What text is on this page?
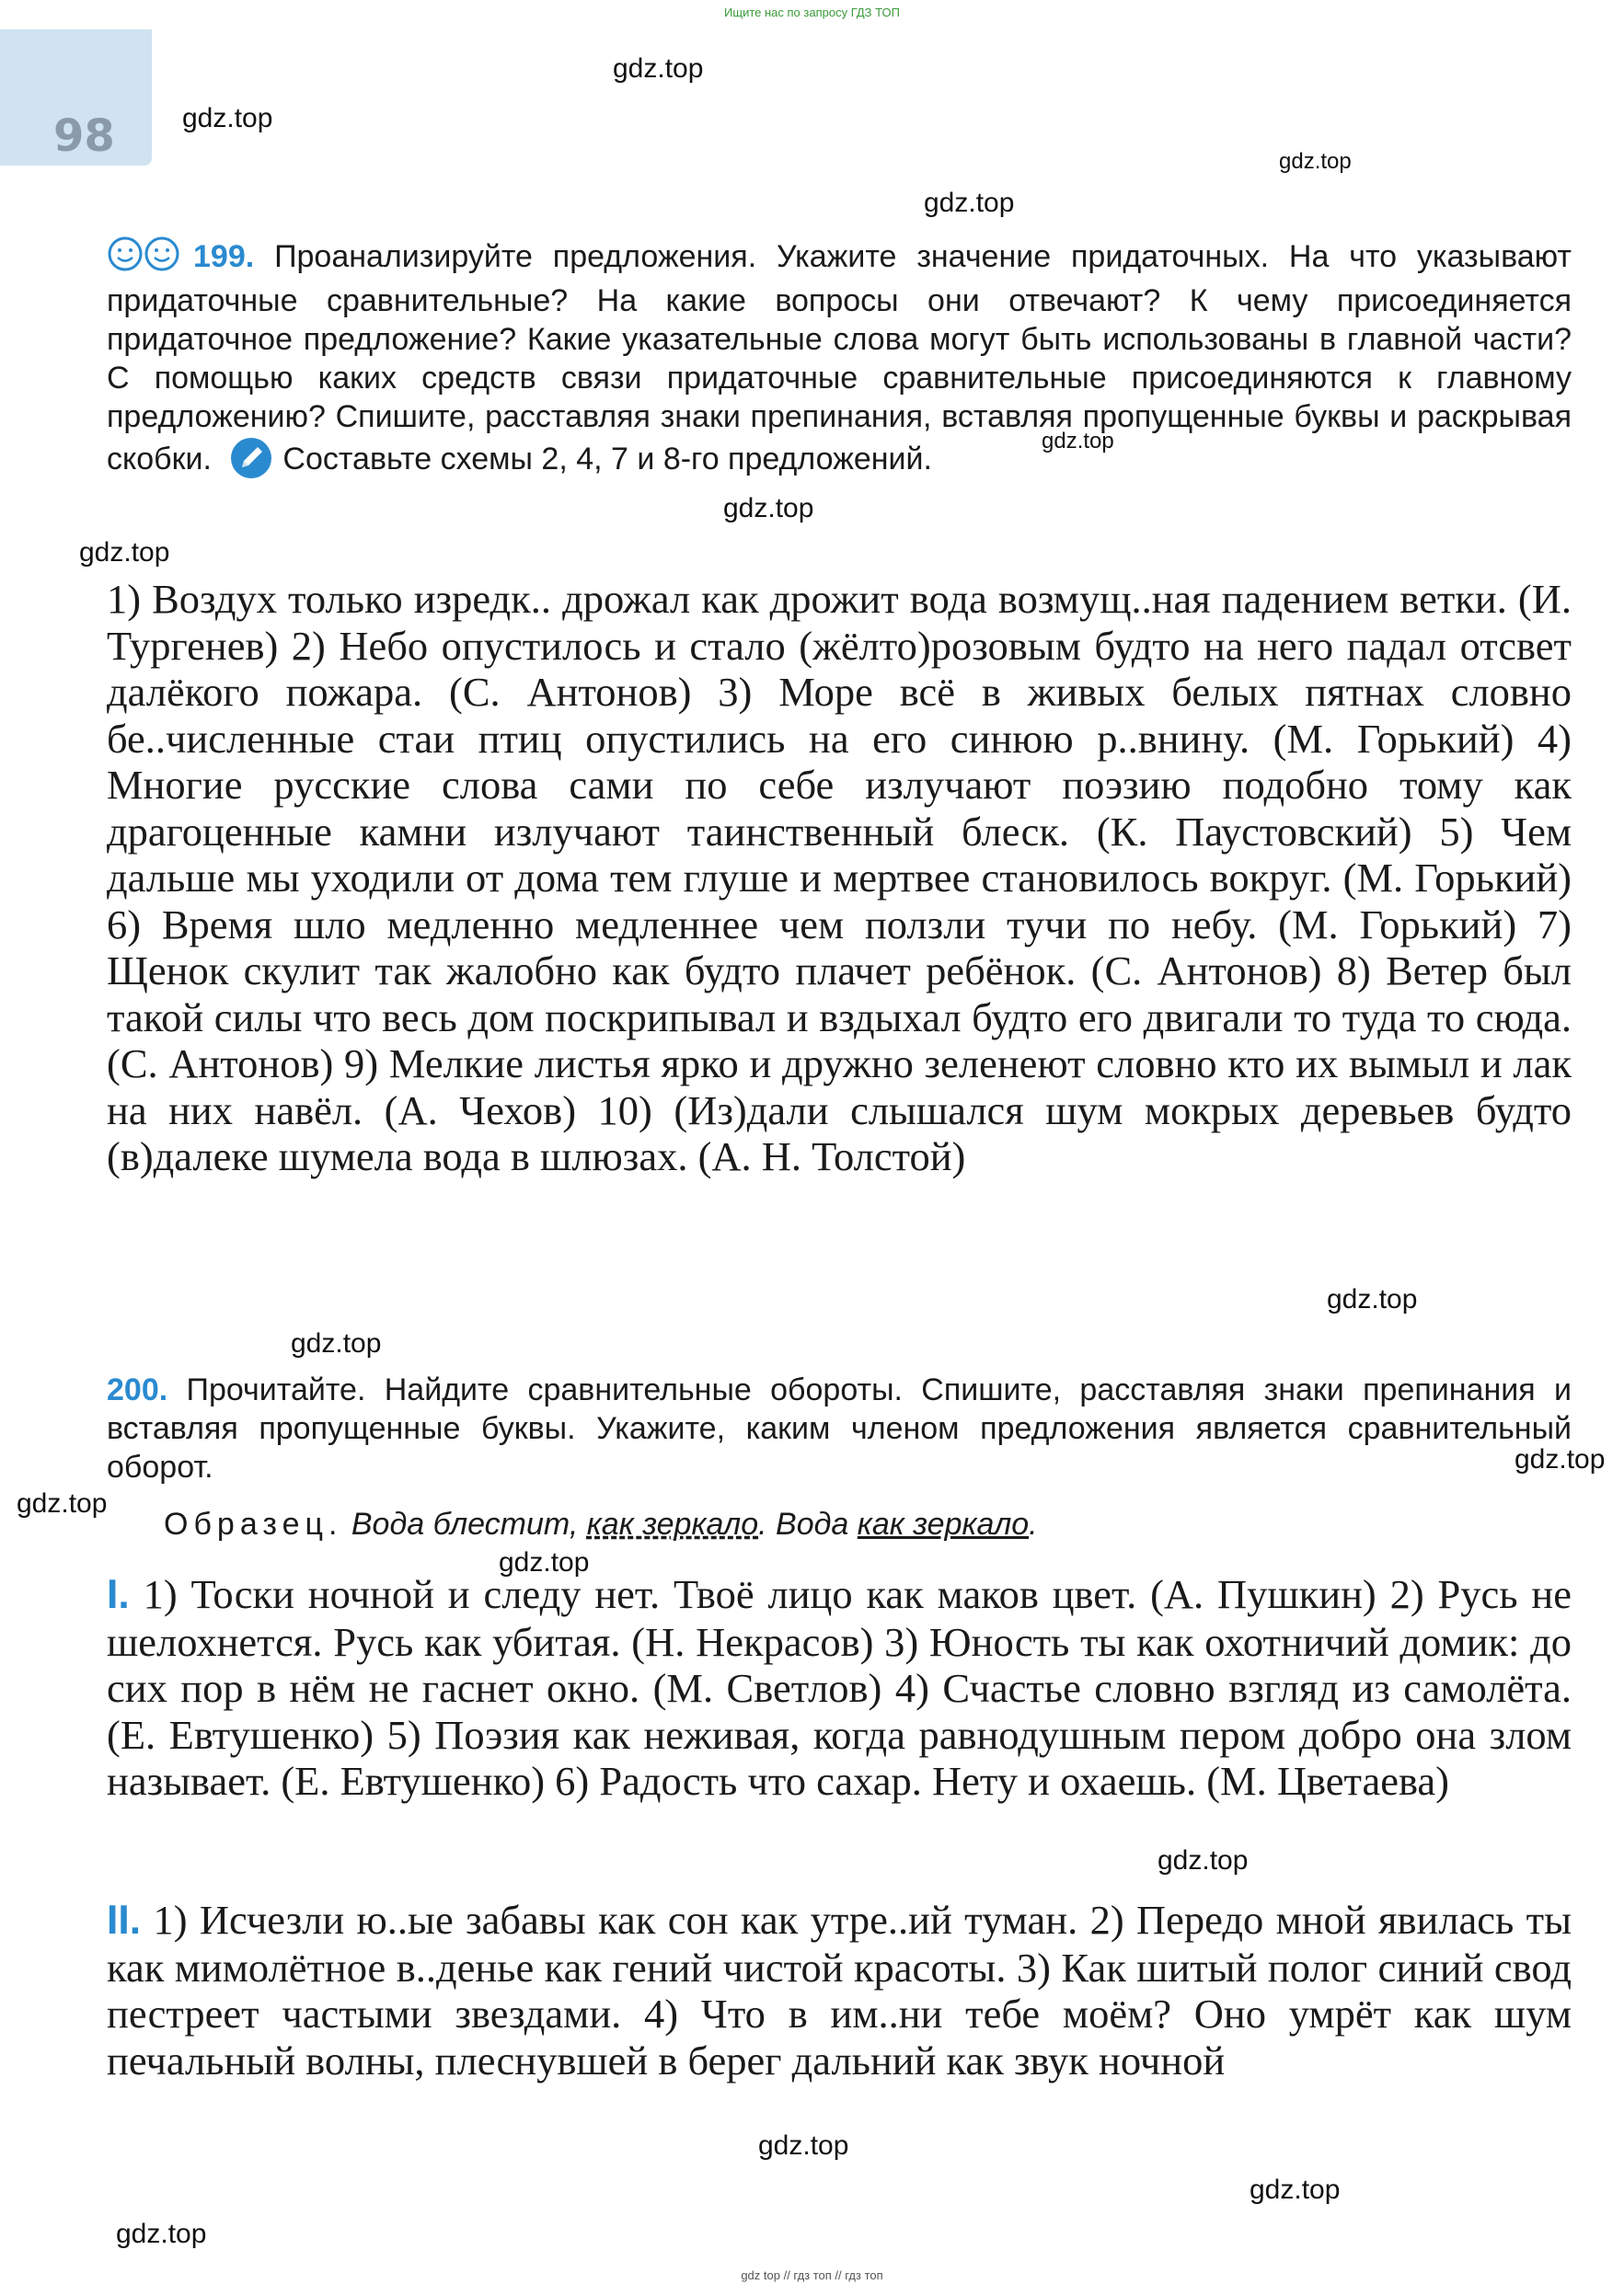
Ищите нас по запросу ГДЗ ТОП
98
gdz.top
gdz.top
gdz.top
gdz.top
gdz.top
gdz.top
gdz.top
gdz.top
gdz.top
gdz.top
gdz.top
gdz.top
gdz.top
gdz.top
gdz.top
gdz.top
199. Проанализируйте предложения. Укажите значение придаточных. На что указывают придаточные сравнительные? На какие вопросы они отвечают? К чему присоединяется придаточное предложение? Какие указательные слова могут быть использованы в главной части? С помощью каких средств связи придаточные сравнительные присоединяются к главному предложению? Спишите, расставляя знаки препинания, вставляя пропущенные буквы и раскрывая скобки. Составьте схемы 2, 4, 7 и 8-го предложений.
1) Воздух только изредк.. дрожал как дрожит вода возмущ..ная падением ветки. (И. Тургенев) 2) Небо опустилось и стало (жёлто)розовым будто на него падал отсвет далёкого пожара. (С. Антонов) 3) Море всё в живых белых пятнах словно бе..численные стаи птиц опустились на его синюю р..внину. (М. Горький) 4) Многие русские слова сами по себе излучают поэзию подобно тому как драгоценные камни излучают таинственный блеск. (К. Паустовский) 5) Чем дальше мы уходили от дома тем глуше и мертвее становилось вокруг. (М. Горький) 6) Время шло медленно медленнее чем ползли тучи по небу. (М. Горький) 7) Щенок скулит так жалобно как будто плачет ребёнок. (С. Антонов) 8) Ветер был такой силы что весь дом поскрипывал и вздыхал будто его двигали то туда то сюда. (С. Антонов) 9) Мелкие листья ярко и дружно зеленеют словно кто их вымыл и лак на них навёл. (А. Чехов) 10) (Из)дали слышался шум мокрых деревьев будто (в)далеке шумела вода в шлюзах. (А. Н. Толстой)
200. Прочитайте. Найдите сравнительные обороты. Спишите, расставляя знаки препинания и вставляя пропущенные буквы. Укажите, каким членом предложения является сравнительный оборот.
Образец. Вода блестит, как зеркало. Вода как зеркало.
I. 1) Тоски ночной и следу нет. Твоё лицо как маков цвет. (А. Пушкин) 2) Русь не шелохнется. Русь как убитая. (Н. Некрасов) 3) Юность ты как охотничий домик: до сих пор в нём не гаснет окно. (М. Светлов) 4) Счастье словно взгляд из самолёта. (Е. Евтушенко) 5) Поэзия как неживая, когда равнодушным пером добро она злом называет. (Е. Евтушенко) 6) Радость что сахар. Нету и охаешь. (М. Цветаева)
II. 1) Исчезли ю..ые забавы как сон как утре..ий туман. 2) Передо мной явилась ты как мимолётное в..денье как гений чистой красоты. 3) Как шитый полог синий свод пестреет частыми звездами. 4) Что в им..ни тебе моём? Оно умрёт как шум печальный волны, плеснувшей в берег дальний как звук ночной
gdz top // гдз топ // гдз топ
